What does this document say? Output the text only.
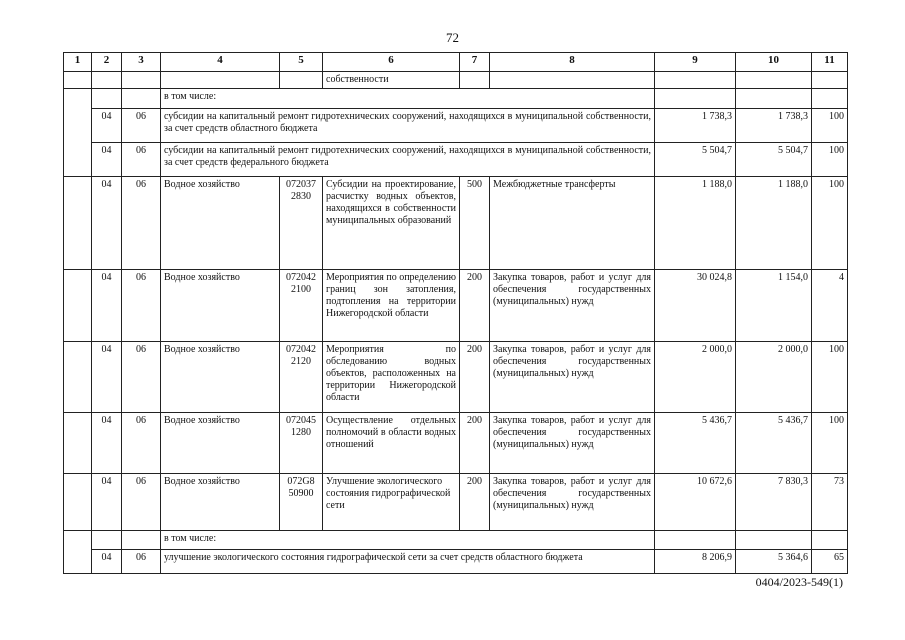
72
1	2	3	4	5	6	7	8	9	10	11
					собственности					
			в том числе:							
	04	06	субсидии на капитальный ремонт гидротехнических сооружений, находящихся в муниципальной собственности, за счет средств областного бюджета					1 738,3	1 738,3	100
	04	06	субсидии на капитальный ремонт гидротехнических сооружений, находящихся в муниципальной собственности, за счет средств федерального бюджета					5 504,7	5 504,7	100
	04	06	Водное хозяйство	072037 2830	Субсидии на проектирование, расчистку водных объектов, находящихся в собственности муниципальных образований	500	Межбюджетные трансферты	1 188,0	1 188,0	100
	04	06	Водное хозяйство	072042 2100	Мероприятия по определению границ зон затопления, подтопления на территории Нижегородской области	200	Закупка товаров, работ и услуг для обеспечения государственных (муниципальных) нужд	30 024,8	1 154,0	4
	04	06	Водное хозяйство	072042 2120	Мероприятия по обследованию водных объектов, расположенных на территории Нижегородской области	200	Закупка товаров, работ и услуг для обеспечения государственных (муниципальных) нужд	2 000,0	2 000,0	100
	04	06	Водное хозяйство	072045 1280	Осуществление отдельных полномочий в области водных отношений	200	Закупка товаров, работ и услуг для обеспечения государственных (муниципальных) нужд	5 436,7	5 436,7	100
	04	06	Водное хозяйство	072G8 50900	Улучшение экологического состояния гидрографической сети	200	Закупка товаров, работ и услуг для обеспечения государственных (муниципальных) нужд	10 672,6	7 830,3	73
			в том числе:							
	04	06	улучшение экологического состояния гидрографической сети за счет средств областного бюджета					8 206,9	5 364,6	65
0404/2023-549(1)
